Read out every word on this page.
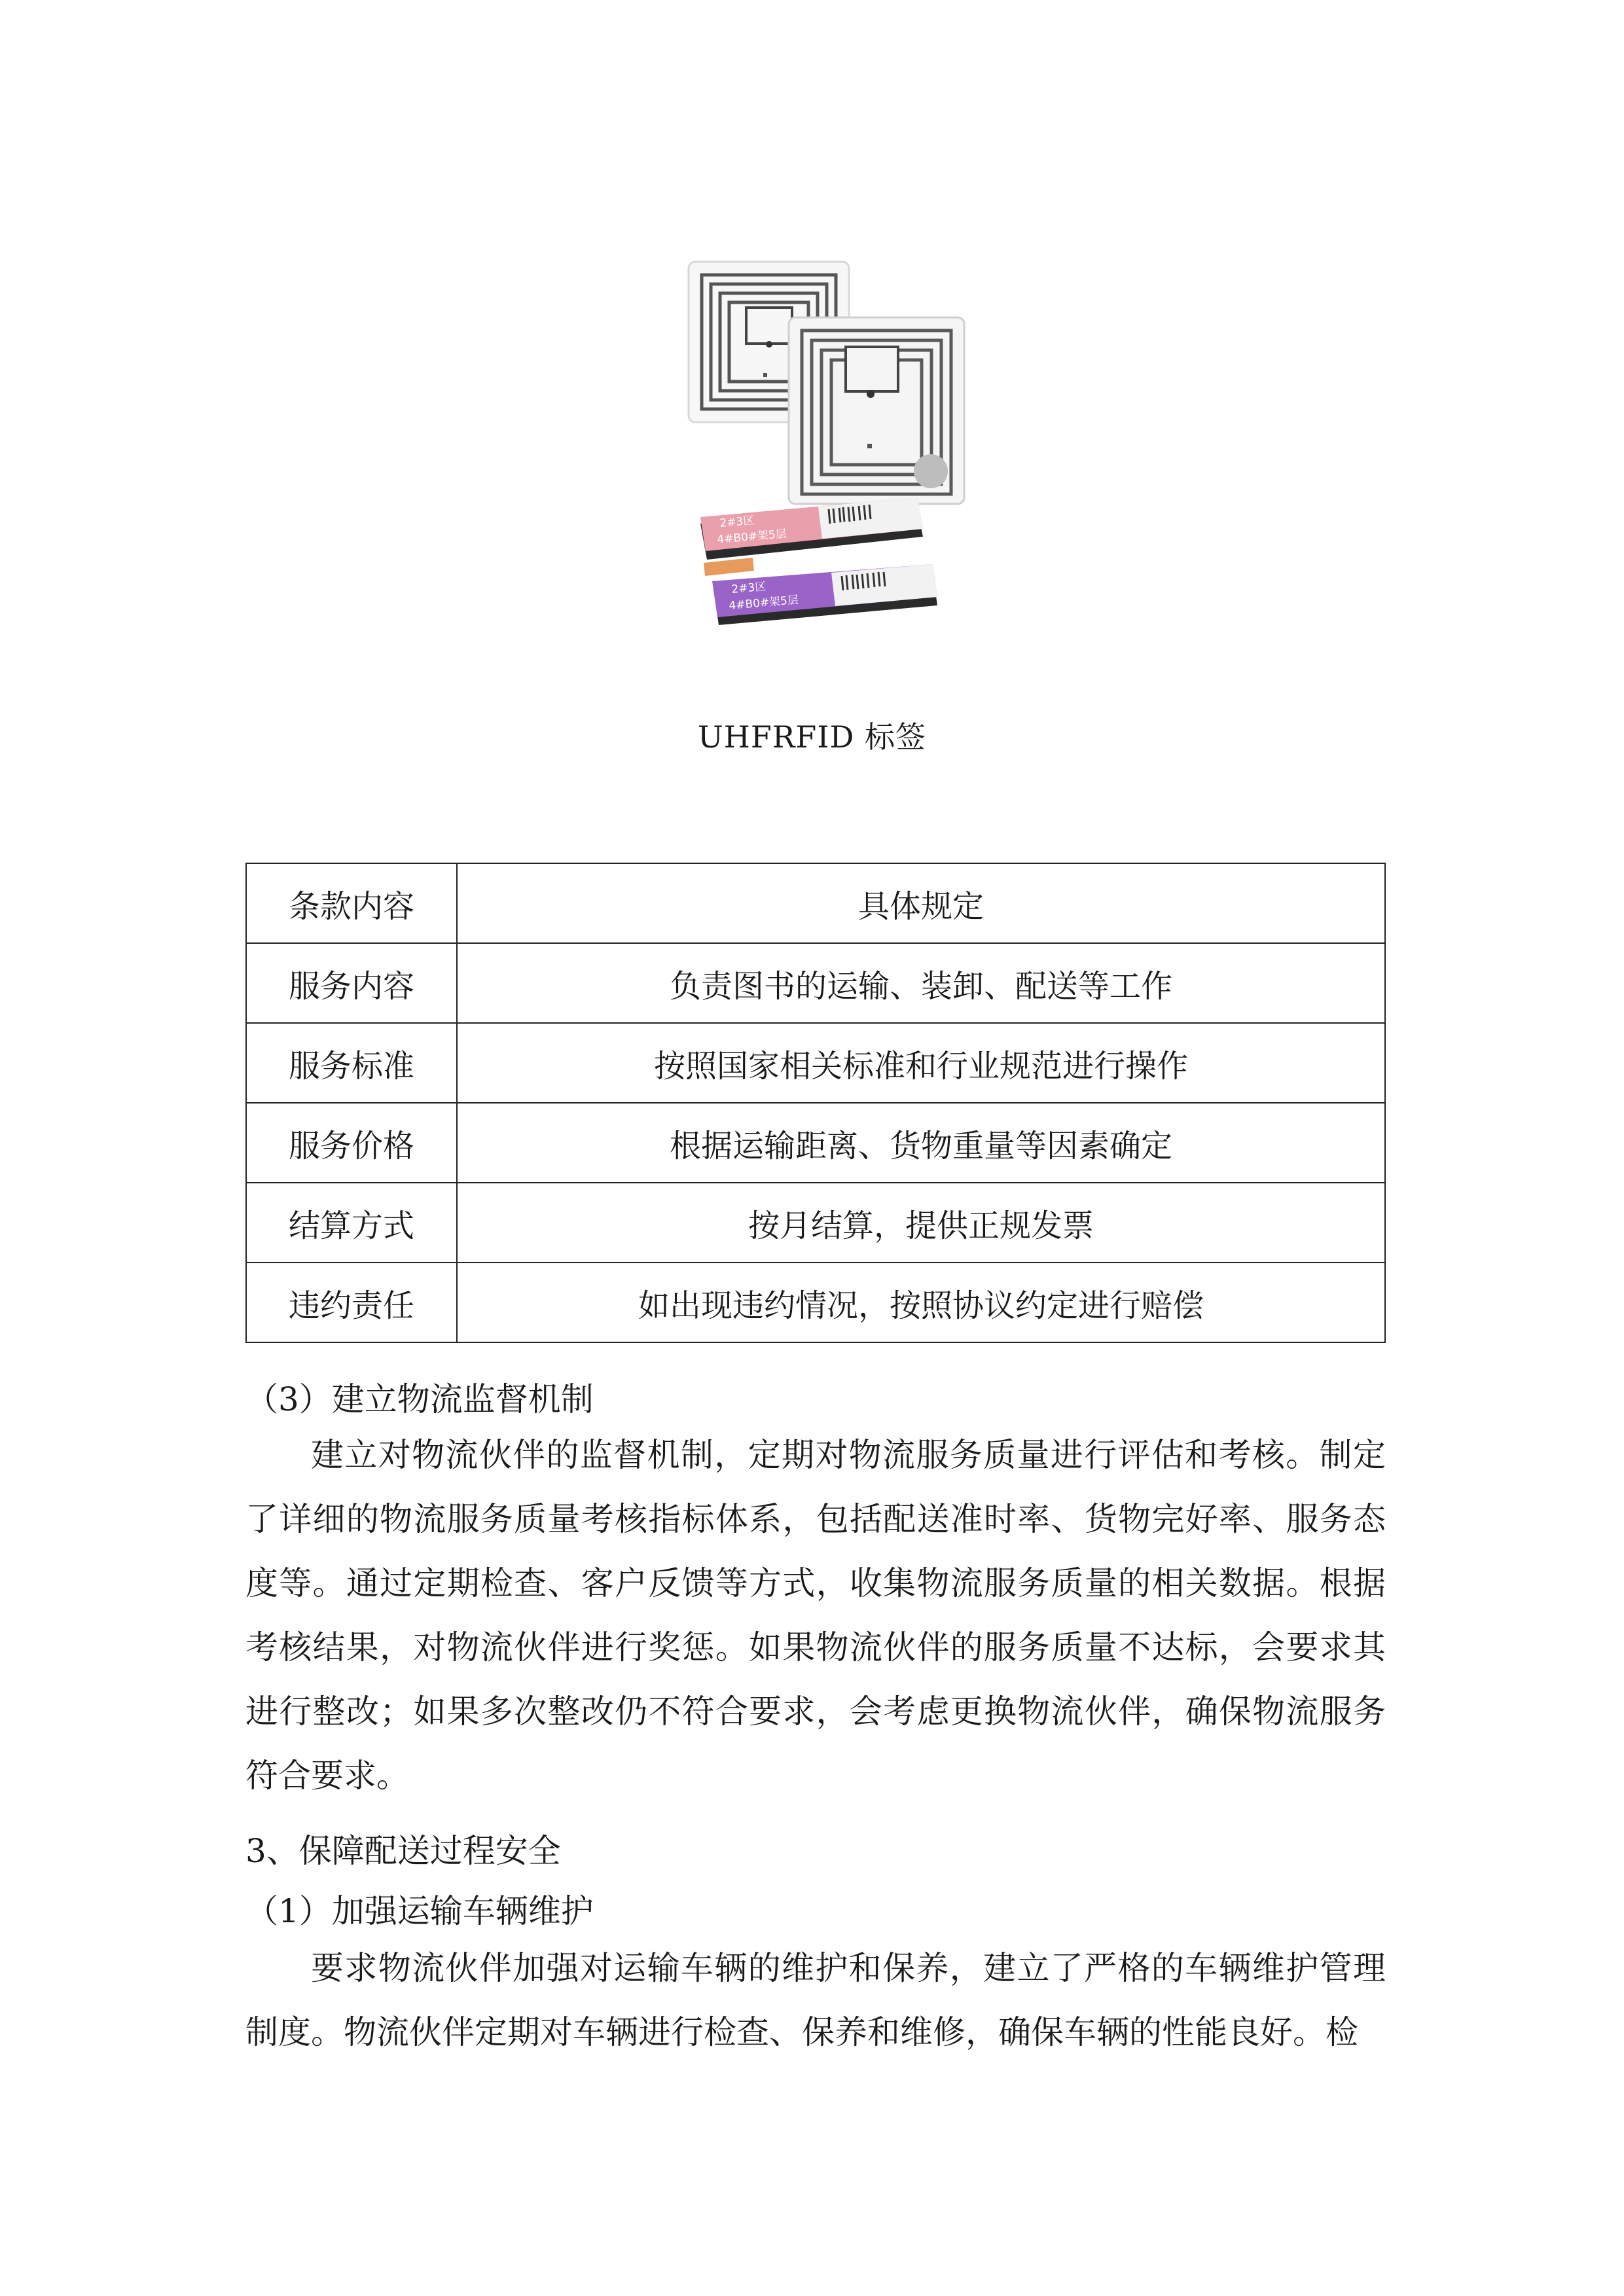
2#3区
4#B0#架5层
2#3区
4#B0#架5层
UHFRFID 标签
条款内容	具体规定
服务内容	负责图书的运输、装卸、配送等工作
服务标准	按照国家相关标准和行业规范进行操作
服务价格	根据运输距离、货物重量等因素确定
结算方式	按月结算，提供正规发票
违约责任	如出现违约情况，按照协议约定进行赔偿
（3）建立物流监督机制

建立对物流伙伴的监督机制，定期对物流服务质量进行评估和考核。制定了详细的物流服务质量考核指标体系，包括配送准时率、货物完好率、服务态度等。通过定期检查、客户反馈等方式，收集物流服务质量的相关数据。根据考核结果，对物流伙伴进行奖惩。如果物流伙伴的服务质量不达标，会要求其进行整改；如果多次整改仍不符合要求，会考虑更换物流伙伴，确保物流服务符合要求。

3、保障配送过程安全
（1）加强运输车辆维护

要求物流伙伴加强对运输车辆的维护和保养，建立了严格的车辆维护管理制度。物流伙伴定期对车辆进行检查、保养和维修，确保车辆的性能良好。检
